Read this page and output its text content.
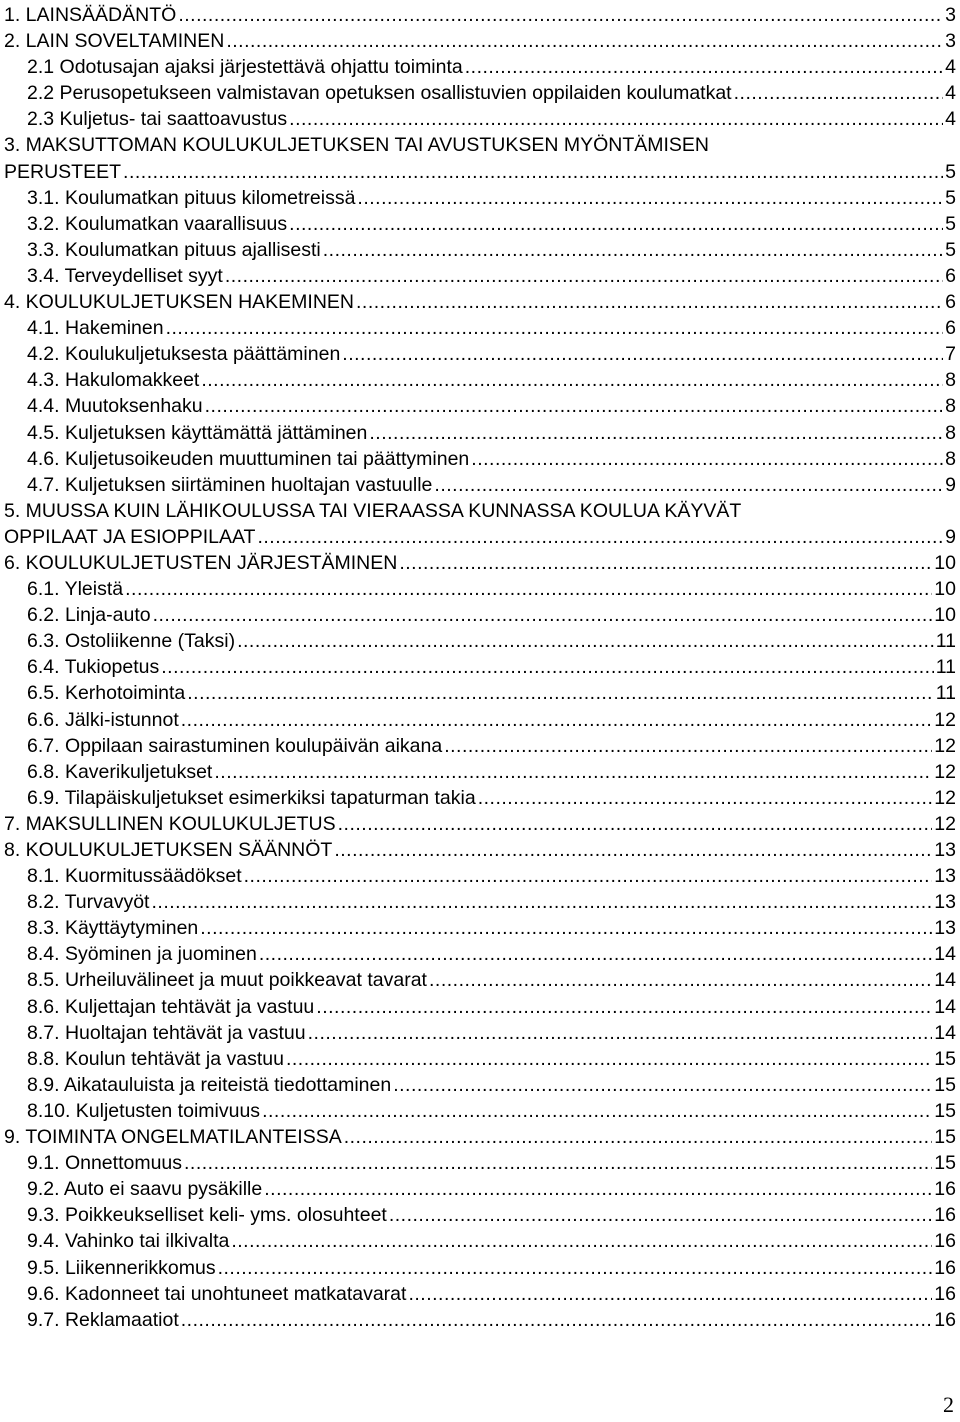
1. LAINSÄÄDÄNTÖ .....	3
2. LAIN SOVELTAMINEN .....	3
2.1 Odotusajan ajaksi järjestettävä ohjattu toiminta .....	4
2.2 Perusopetukseen valmistavan opetuksen osallistuvien oppilaiden koulumatkat .....	4
2.3 Kuljetus- tai saattoavustus .....	4
3. MAKSUTTOMAN KOULUKULJETUKSEN TAI AVUSTUKSEN MYÖNTÄMISEN
PERUSTEET .....	5
3.1. Koulumatkan pituus kilometreissä .....	5
3.2. Koulumatkan vaarallisuus .....	5
3.3. Koulumatkan pituus ajallisesti .....	5
3.4. Terveydelliset syyt .....	6
4. KOULUKULJETUKSEN HAKEMINEN .....	6
4.1. Hakeminen .....	6
4.2. Koulukuljetuksesta päättäminen .....	7
4.3. Hakulomakkeet .....	8
4.4. Muutoksenhaku .....	8
4.5. Kuljetuksen käyttämättä jättäminen .....	8
4.6. Kuljetusoikeuden muuttuminen tai päättyminen .....	8
4.7. Kuljetuksen siirtäminen huoltajan vastuulle .....	9
5. MUUSSA KUIN LÄHIKOULUSSA TAI VIERAASSA KUNNASSA KOULUA KÄYVÄT
OPPILAAT JA ESIOPPILAAT .....	9
6. KOULUKULJETUSTEN JÄRJESTÄMINEN .....	10
6.1. Yleistä .....	10
6.2. Linja-auto .....	10
6.3. Ostoliikenne (Taksi) .....	11
6.4. Tukiopetus .....	11
6.5. Kerhotoiminta .....	11
6.6. Jälki-istunnot .....	12
6.7. Oppilaan sairastuminen koulupäivän aikana .....	12
6.8. Kaverikuljetukset .....	12
6.9. Tilapäiskuljetukset esimerkiksi tapaturman takia .....	12
7. MAKSULLINEN KOULUKULJETUS .....	12
8. KOULUKULJETUKSEN SÄÄNNÖT .....	13
8.1. Kuormitussäädökset .....	13
8.2. Turvavyöt .....	13
8.3. Käyttäytyminen .....	13
8.4. Syöminen ja juominen .....	14
8.5. Urheiluvälineet ja muut poikkeavat tavarat .....	14
8.6. Kuljettajan tehtävät ja vastuu .....	14
8.7. Huoltajan tehtävät ja vastuu .....	14
8.8. Koulun tehtävät ja vastuu .....	15
8.9. Aikatauluista ja reiteistä tiedottaminen .....	15
8.10. Kuljetusten toimivuus .....	15
9. TOIMINTA ONGELMATILANTEISSA .....	15
9.1. Onnettomuus .....	15
9.2. Auto ei saavu pysäkille .....	16
9.3. Poikkeukselliset keli- yms. olosuhteet .....	16
9.4. Vahinko tai ilkivalta .....	16
9.5. Liikennerikkomus .....	16
9.6. Kadonneet tai unohtuneet matkatavarat .....	16
9.7. Reklamaatiot .....	16
2
